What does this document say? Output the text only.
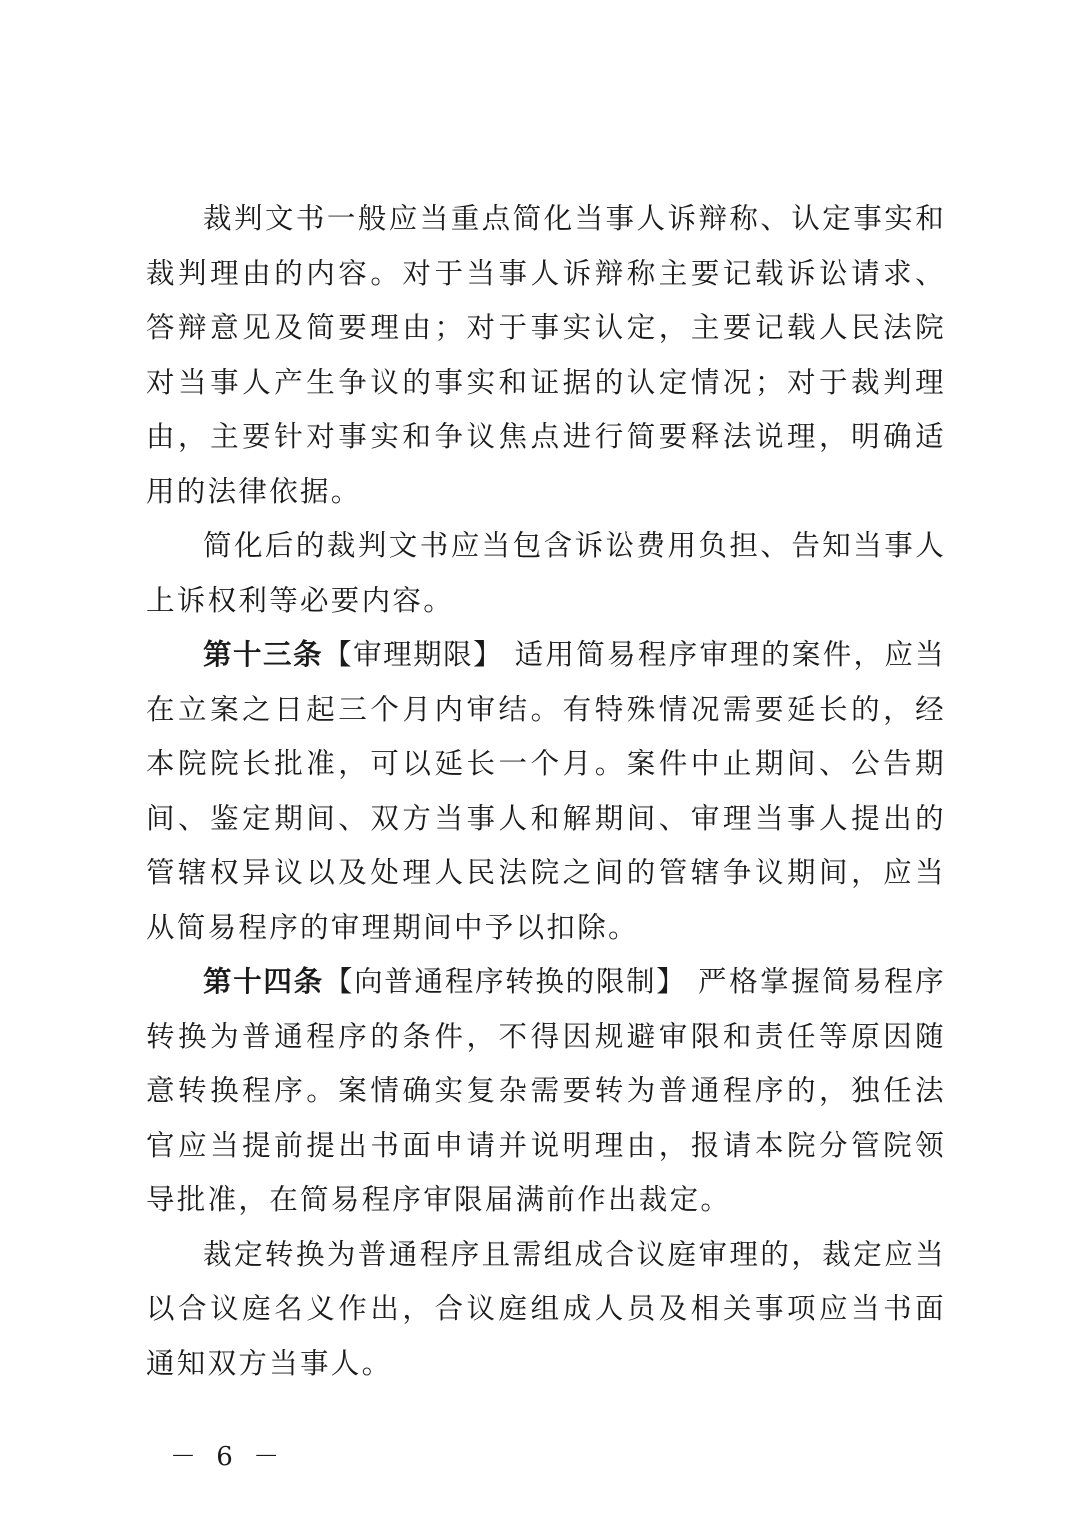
裁判文书一般应当重点简化当事人诉辩称、认定事实和裁判理由的内容。对于当事人诉辩称主要记载诉讼请求、答辩意见及简要理由；对于事实认定，主要记载人民法院对当事人产生争议的事实和证据的认定情况；对于裁判理由，主要针对事实和争议焦点进行简要释法说理，明确适用的法律依据。

简化后的裁判文书应当包含诉讼费用负担、告知当事人上诉权利等必要内容。

第十三条【审理期限】 适用简易程序审理的案件，应当在立案之日起三个月内审结。有特殊情况需要延长的，经本院院长批准，可以延长一个月。案件中止期间、公告期间、鉴定期间、双方当事人和解期间、审理当事人提出的管辖权异议以及处理人民法院之间的管辖争议期间，应当从简易程序的审理期间中予以扣除。

第十四条【向普通程序转换的限制】 严格掌握简易程序转换为普通程序的条件，不得因规避审限和责任等原因随意转换程序。案情确实复杂需要转为普通程序的，独任法官应当提前提出书面申请并说明理由，报请本院分管院领导批准，在简易程序审限届满前作出裁定。

裁定转换为普通程序且需组成合议庭审理的，裁定应当以合议庭名义作出，合议庭组成人员及相关事项应当书面通知双方当事人。

－ 6 －
